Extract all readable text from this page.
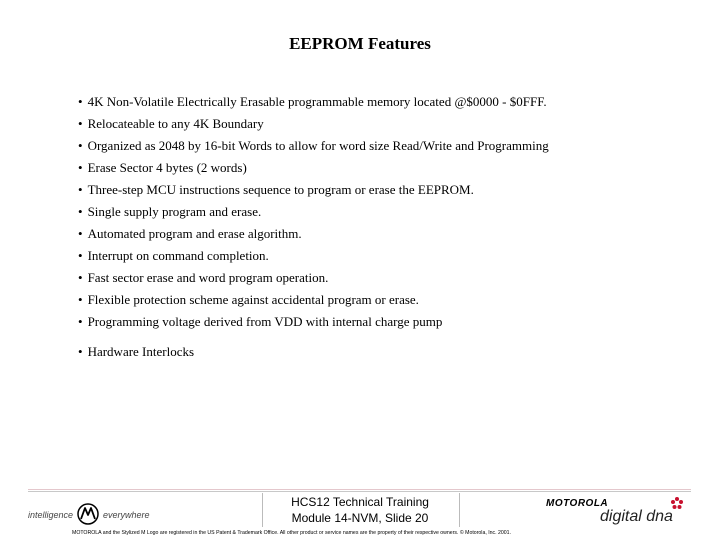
EEPROM Features
• 4K Non-Volatile Electrically Erasable programmable memory located @$0000 - $0FFF.
• Relocateable to any 4K Boundary
• Organized as 2048 by 16-bit Words to allow for word size Read/Write and Programming
• Erase Sector 4 bytes (2 words)
• Three-step MCU instructions sequence to program or erase the EEPROM.
• Single supply program and erase.
• Automated program and erase algorithm.
• Interrupt on command completion.
• Fast sector erase and word program operation.
• Flexible protection scheme against accidental program or erase.
• Programming voltage derived from VDD with internal charge pump
• Hardware Interlocks
intelligence	everywhere
HCS12 Technical Training
Module 14-NVM, Slide 20
MOTOROLA
digital dna
MOTOROLA and the Stylized M Logo are registered in the US Patent & Trademark Office. All other product or service names are the property of their respective owners. © Motorola, Inc. 2001.
